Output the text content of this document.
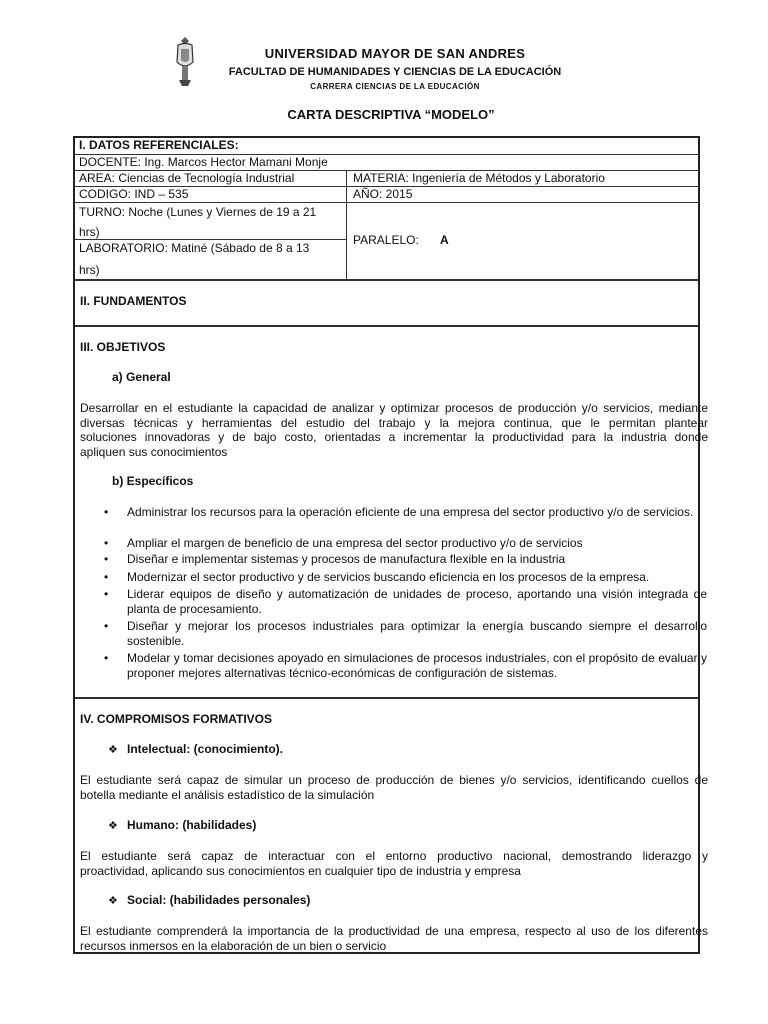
UNIVERSIDAD MAYOR DE SAN ANDRES
FACULTAD DE HUMANIDADES Y CIENCIAS DE LA EDUCACIÓN
CARRERA CIENCIAS DE LA EDUCACIÓN
CARTA DESCRIPTIVA “MODELO”
I. DATOS REFERENCIALES:
DOCENTE: Ing. Marcos Hector Mamani Monje
AREA: Ciencias de Tecnología Industrial	MATERIA: Ingeniería de Métodos y Laboratorio
CODIGO: IND – 535	AÑO: 2015
TURNO: Noche (Lunes y Viernes de 19 a 21
hrs)
LABORATORIO: Matiné (Sábado de 8 a 13
hrs)
PARALELO:	A
II. FUNDAMENTOS
III. OBJETIVOS
a) General
Desarrollar en el estudiante la capacidad de analizar y optimizar procesos de producción y/o servicios, mediante
diversas técnicas y herramientas del estudio del trabajo y la mejora continua, que le permitan plantear
soluciones innovadoras y de bajo costo, orientadas a incrementar la productividad para la industria donde
apliquen sus conocimientos
b) Específicos
•	Administrar los recursos para la operación eficiente de una empresa del sector productivo y/o de servicios.
•	Ampliar el margen de beneficio de una empresa del sector productivo y/o de servicios
•	Diseñar e implementar sistemas y procesos de manufactura flexible en la industria
•	Modernizar el sector productivo y de servicios buscando eficiencia en los procesos de la empresa.
•	Liderar equipos de diseño y automatización de unidades de proceso, aportando una visión integrada de planta de procesamiento.
•	Diseñar y mejorar los procesos industriales para optimizar la energía buscando siempre el desarrollo sostenible.
•	Modelar y tomar decisiones apoyado en simulaciones de procesos industriales, con el propósito de evaluar y proponer mejores alternativas técnico-económicas de configuración de sistemas.
IV. COMPROMISOS FORMATIVOS
❖ Intelectual: (conocimiento).
El estudiante será capaz de simular un proceso de producción de bienes y/o servicios, identificando cuellos de
botella mediante el análisis estadístico de la simulación
❖ Humano: (habilidades)
El estudiante será capaz de interactuar con el entorno productivo nacional, demostrando liderazgo y
proactividad, aplicando sus conocimientos en cualquier tipo de industria y empresa
❖ Social: (habilidades personales)
El estudiante comprenderá la importancia de la productividad de una empresa, respecto al uso de los diferentes
recursos inmersos en la elaboración de un bien o servicio
